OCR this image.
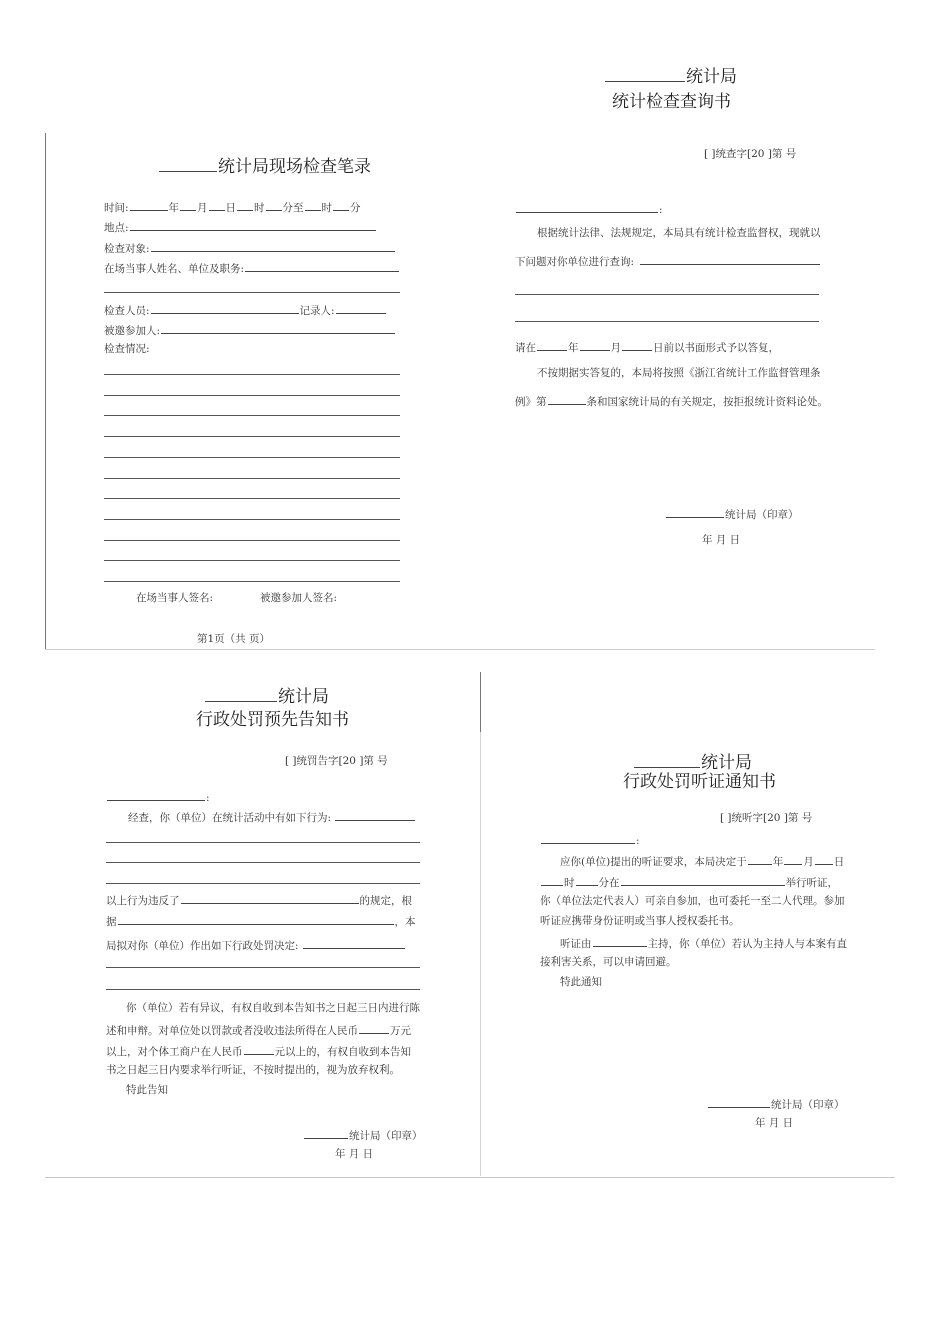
统计局
统计检查查询书
[ ]统查字[20 ]第 号
:
根据统计法律、法规规定，本局具有统计检查监督权，现就以
下问题对你单位进行查询:
请在	年	月	日前以书面形式予以答复，
不按期据实答复的，本局将按照《浙江省统计工作监督管理条
例》第	条和国家统计局的有关规定，按拒报统计资料论处。
统计局（印章）
年 月 日
统计局现场检查笔录
时间:	年 月 日 时 分至 时 分
地点:
检查对象:
在场当事人姓名、单位及职务:
检查人员:	记录人:
被邀参加人:
检查情况:
在场当事人签名:	被邀参加人签名:
第1页（共 页）
统计局
行政处罚预先告知书
[ ]统罚告字[20 ]第 号
:
经查，你（单位）在统计活动中有如下行为:
以上行为违反了	的规定，根
据	，本
局拟对你（单位）作出如下行政处罚决定:
你（单位）若有异议，有权自收到本告知书之日起三日内进行陈
述和申辩。对单位处以罚款或者没收违法所得在人民币	万元
以上，对个体工商户在人民币	元以上的，有权自收到本告知
书之日起三日内要求举行听证，不按时提出的，视为放弃权利。
特此告知
统计局（印章）
年 月 日
统计局
行政处罚听证通知书
[ ]统听字[20 ]第 号
:
应你(单位)提出的听证要求，本局决定于 年 月 日
时 分在	举行听证，
你（单位法定代表人）可亲自参加，也可委托一至二人代理。参加
听证应携带身份证明或当事人授权委托书。
听证由	主持，你（单位）若认为主持人与本案有直
接利害关系，可以申请回避。
特此通知
统计局（印章）
年 月 日
